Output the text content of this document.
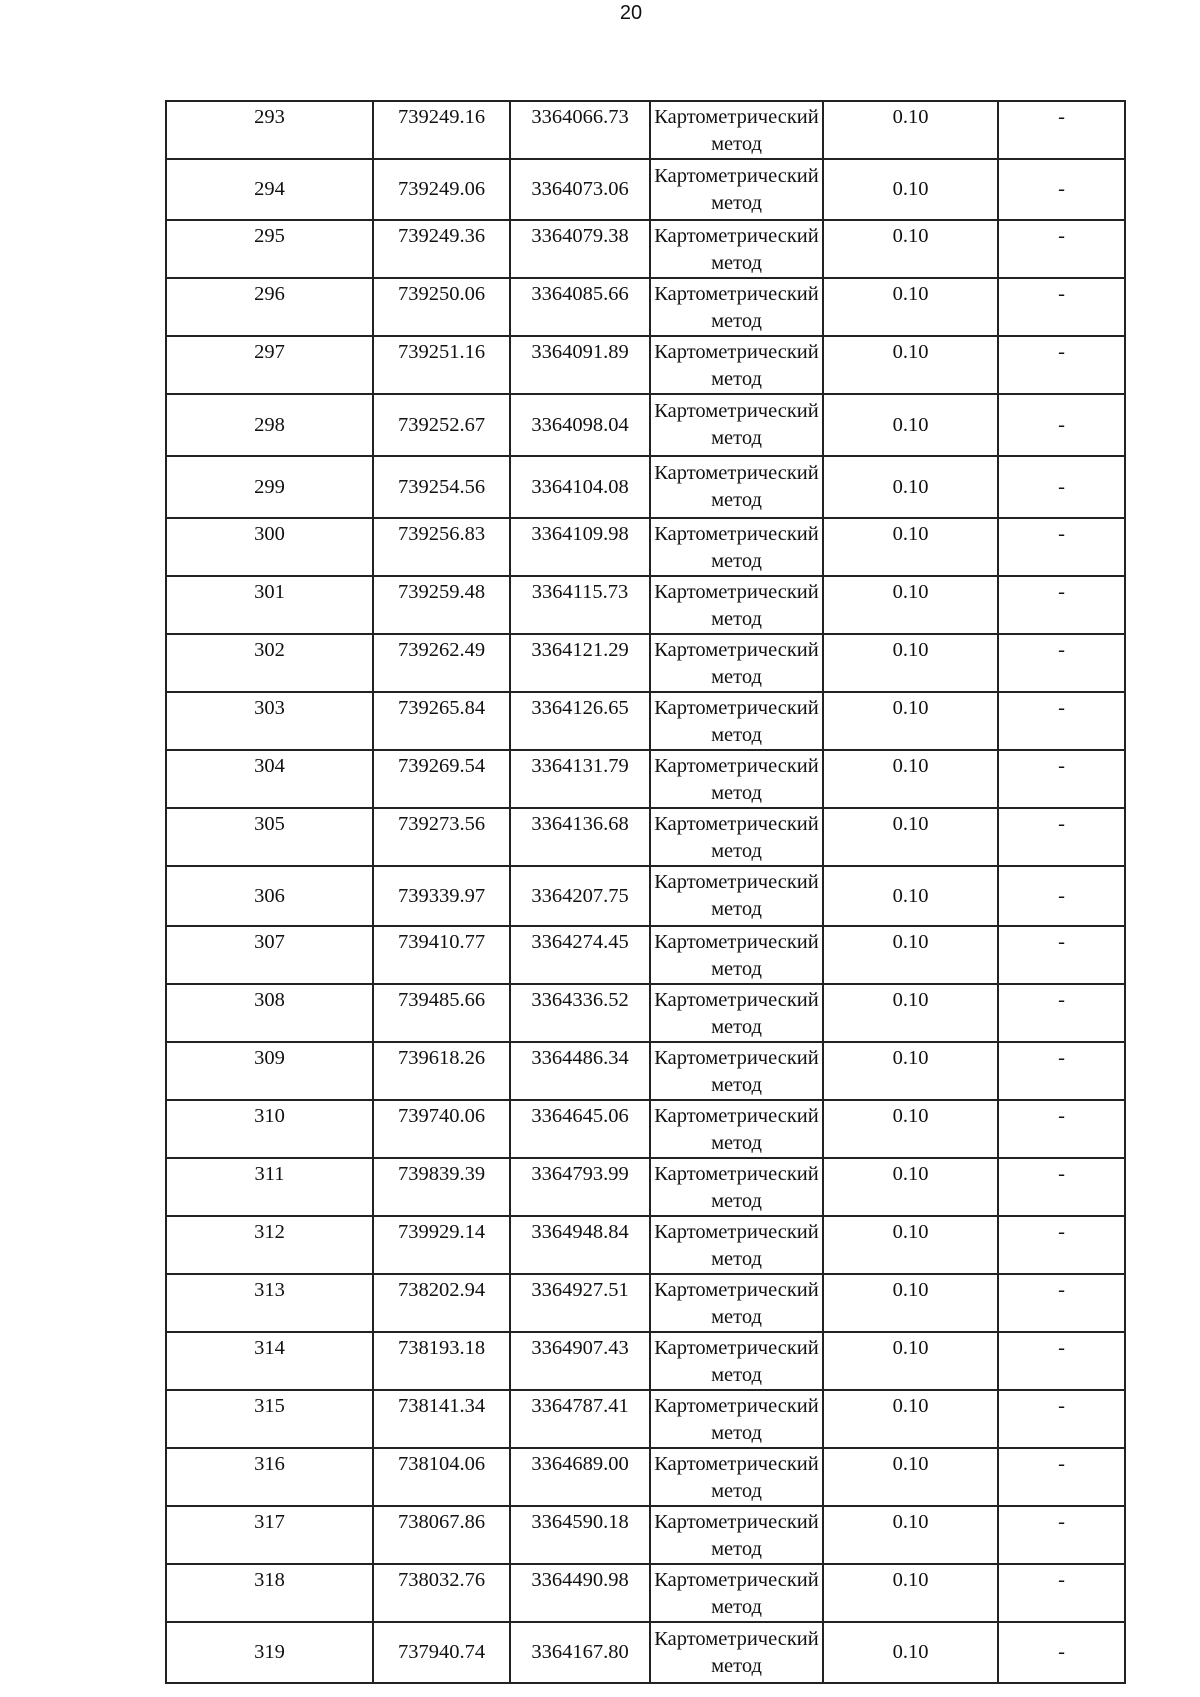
20
293	739249.16	3364066.73	Картометрический метод	0.10	-

294	739249.06	3364073.06	Картометрический метод	0.10	-

295	739249.36	3364079.38	Картометрический метод	0.10	-

296	739250.06	3364085.66	Картометрический метод	0.10	-

297	739251.16	3364091.89	Картометрический метод	0.10	-

298	739252.67	3364098.04	Картометрический метод	0.10	-

299	739254.56	3364104.08	Картометрический метод	0.10	-

300	739256.83	3364109.98	Картометрический метод	0.10	-

301	739259.48	3364115.73	Картометрический метод	0.10	-

302	739262.49	3364121.29	Картометрический метод	0.10	-

303	739265.84	3364126.65	Картометрический метод	0.10	-

304	739269.54	3364131.79	Картометрический метод	0.10	-

305	739273.56	3364136.68	Картометрический метод	0.10	-

306	739339.97	3364207.75	Картометрический метод	0.10	-

307	739410.77	3364274.45	Картометрический метод	0.10	-

308	739485.66	3364336.52	Картометрический метод	0.10	-

309	739618.26	3364486.34	Картометрический метод	0.10	-

310	739740.06	3364645.06	Картометрический метод	0.10	-

311	739839.39	3364793.99	Картометрический метод	0.10	-

312	739929.14	3364948.84	Картометрический метод	0.10	-

313	738202.94	3364927.51	Картометрический метод	0.10	-

314	738193.18	3364907.43	Картометрический метод	0.10	-

315	738141.34	3364787.41	Картометрический метод	0.10	-

316	738104.06	3364689.00	Картометрический метод	0.10	-

317	738067.86	3364590.18	Картометрический метод	0.10	-

318	738032.76	3364490.98	Картометрический метод	0.10	-

319	737940.74	3364167.80	Картометрический метод	0.10	-
